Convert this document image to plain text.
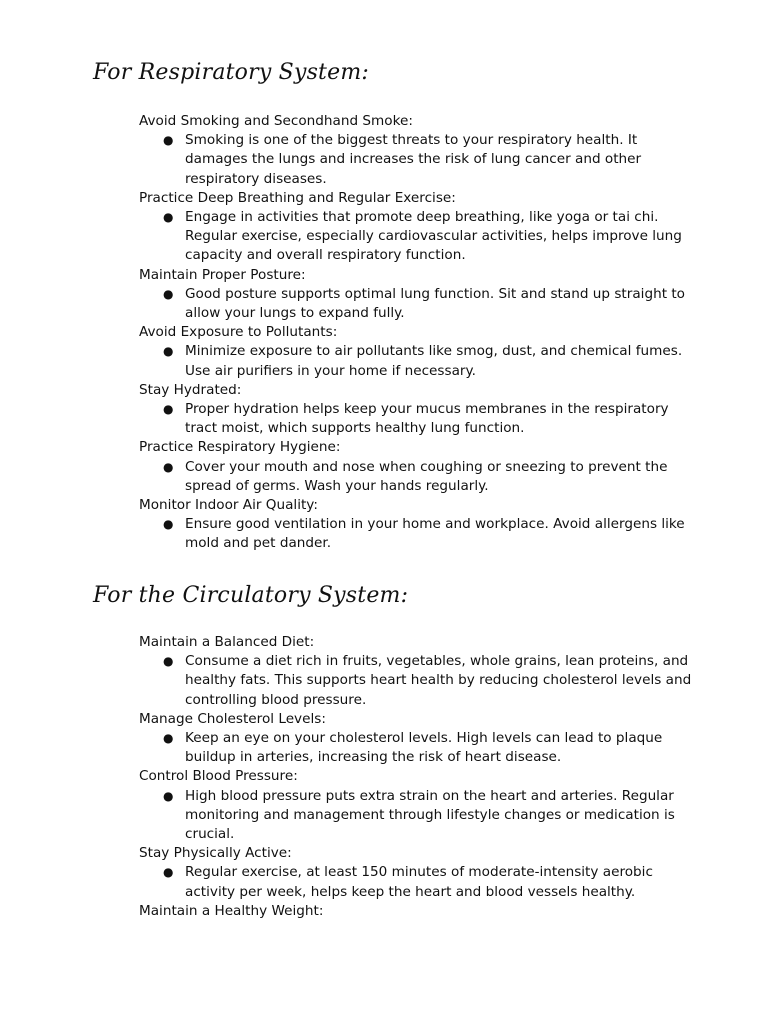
For Respiratory System:
Avoid Smoking and Secondhand Smoke:
● Smoking is one of the biggest threats to your respiratory health. It damages the lungs and increases the risk of lung cancer and other respiratory diseases.
Practice Deep Breathing and Regular Exercise:
● Engage in activities that promote deep breathing, like yoga or tai chi. Regular exercise, especially cardiovascular activities, helps improve lung capacity and overall respiratory function.
Maintain Proper Posture:
● Good posture supports optimal lung function. Sit and stand up straight to allow your lungs to expand fully.
Avoid Exposure to Pollutants:
● Minimize exposure to air pollutants like smog, dust, and chemical fumes. Use air purifiers in your home if necessary.
Stay Hydrated:
● Proper hydration helps keep your mucus membranes in the respiratory tract moist, which supports healthy lung function.
Practice Respiratory Hygiene:
● Cover your mouth and nose when coughing or sneezing to prevent the spread of germs. Wash your hands regularly.
Monitor Indoor Air Quality:
● Ensure good ventilation in your home and workplace. Avoid allergens like mold and pet dander.
For the Circulatory System:
Maintain a Balanced Diet:
● Consume a diet rich in fruits, vegetables, whole grains, lean proteins, and healthy fats. This supports heart health by reducing cholesterol levels and controlling blood pressure.
Manage Cholesterol Levels:
● Keep an eye on your cholesterol levels. High levels can lead to plaque buildup in arteries, increasing the risk of heart disease.
Control Blood Pressure:
● High blood pressure puts extra strain on the heart and arteries. Regular monitoring and management through lifestyle changes or medication is crucial.
Stay Physically Active:
● Regular exercise, at least 150 minutes of moderate-intensity aerobic activity per week, helps keep the heart and blood vessels healthy.
Maintain a Healthy Weight:
